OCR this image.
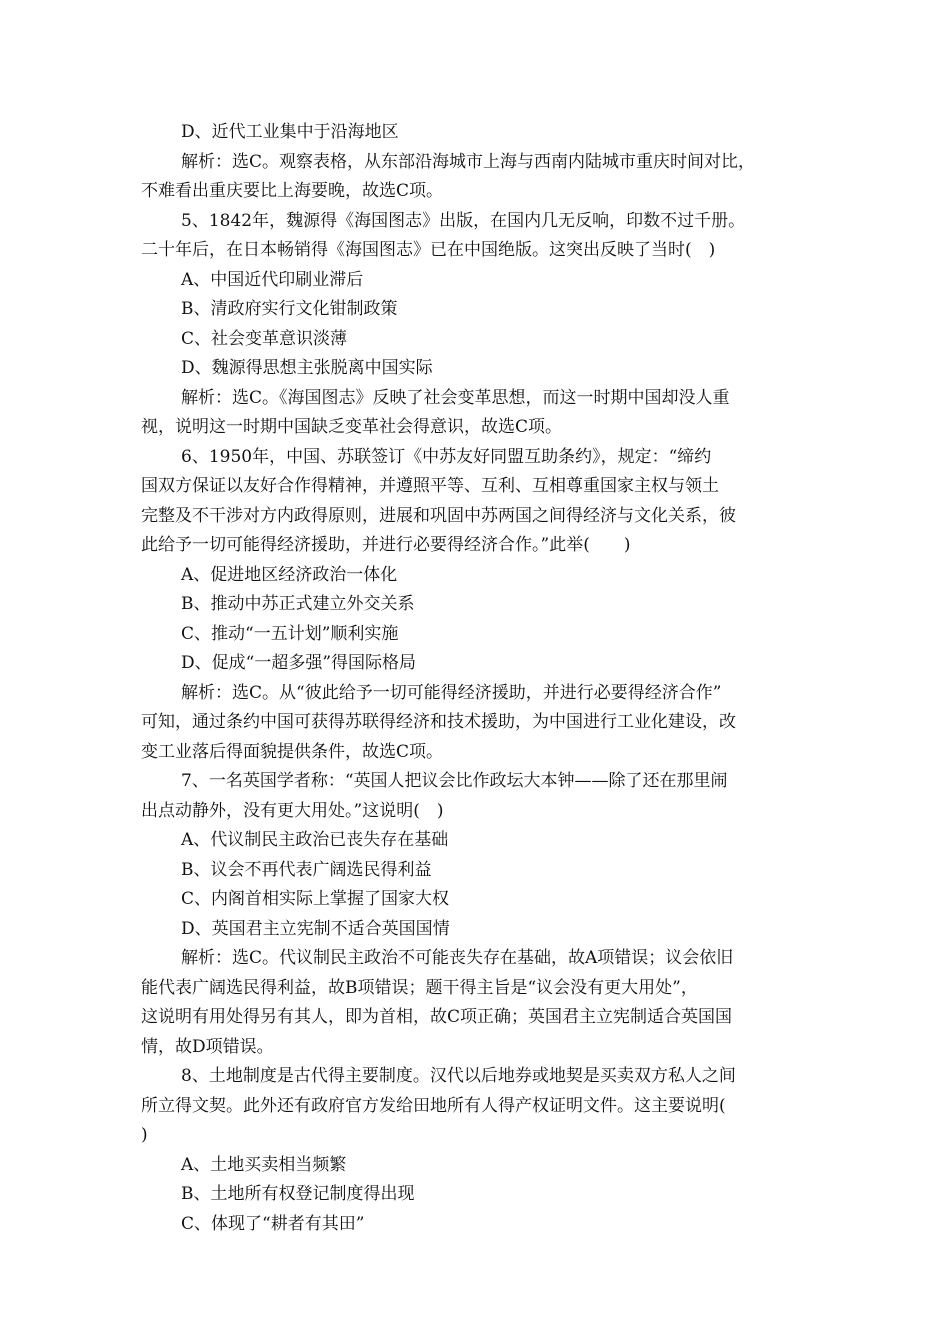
D、近代工业集中于沿海地区
解析：选C。观察表格，从东部沿海城市上海与西南内陆城市重庆时间对比，
不难看出重庆要比上海要晚，故选C项。
5、1842年，魏源得《海国图志》出版，在国内几无反响，印数不过千册。
二十年后，在日本畅销得《海国图志》已在中国绝版。这突出反映了当时(　)
A、中国近代印刷业滞后
B、清政府实行文化钳制政策
C、社会变革意识淡薄
D、魏源得思想主张脱离中国实际
解析：选C。《海国图志》反映了社会变革思想，而这一时期中国却没人重
视，说明这一时期中国缺乏变革社会得意识，故选C项。
6、1950年，中国、苏联签订《中苏友好同盟互助条约》，规定：“缔约
国双方保证以友好合作得精神，并遵照平等、互利、互相尊重国家主权与领土
完整及不干涉对方内政得原则，进展和巩固中苏两国之间得经济与文化关系，彼
此给予一切可能得经济援助，并进行必要得经济合作。”此举(　　)
A、促进地区经济政治一体化
B、推动中苏正式建立外交关系
C、推动“一五计划”顺利实施
D、促成“一超多强”得国际格局
解析：选C。从“彼此给予一切可能得经济援助，并进行必要得经济合作”
可知，通过条约中国可获得苏联得经济和技术援助，为中国进行工业化建设，改
变工业落后得面貌提供条件，故选C项。
7、一名英国学者称：“英国人把议会比作政坛大本钟——除了还在那里闹
出点动静外，没有更大用处。”这说明(　)
A、代议制民主政治已丧失存在基础
B、议会不再代表广阔选民得利益
C、内阁首相实际上掌握了国家大权
D、英国君主立宪制不适合英国国情
解析：选C。代议制民主政治不可能丧失存在基础，故A项错误；议会依旧
能代表广阔选民得利益，故B项错误；题干得主旨是“议会没有更大用处”，
这说明有用处得另有其人，即为首相，故C项正确；英国君主立宪制适合英国国
情，故D项错误。
8、土地制度是古代得主要制度。汉代以后地券或地契是买卖双方私人之间
所立得文契。此外还有政府官方发给田地所有人得产权证明文件。这主要说明(
)
A、土地买卖相当频繁
B、土地所有权登记制度得出现
C、体现了“耕者有其田”
